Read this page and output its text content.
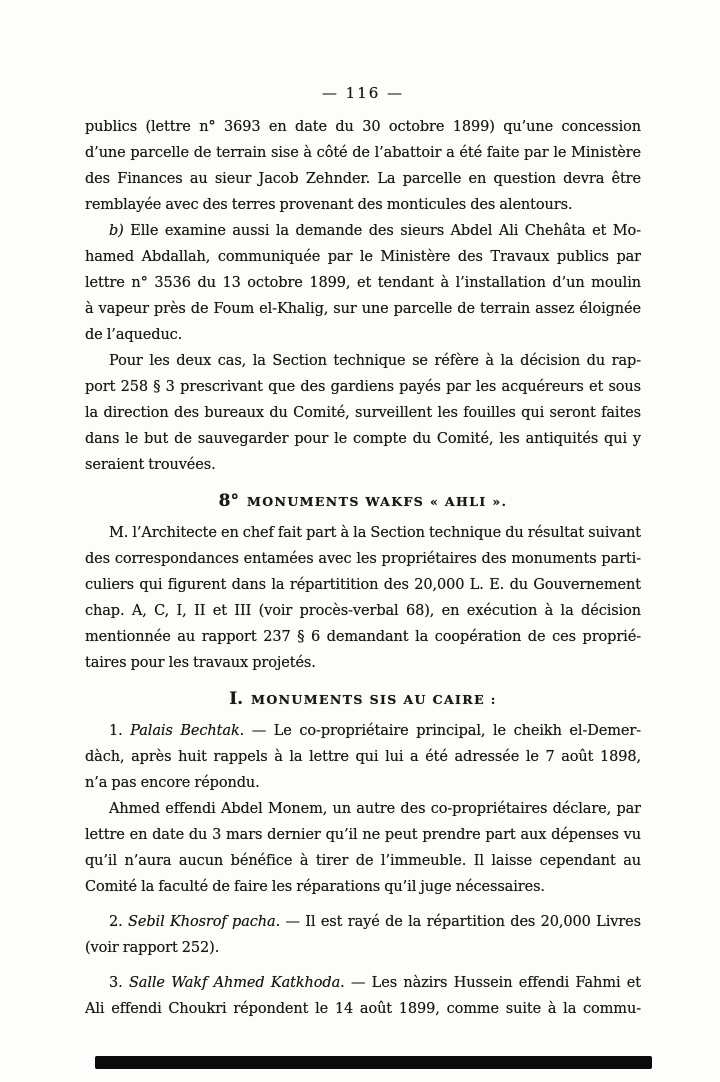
— 116 —
publics (lettre n° 3693 en date du 30 octobre 1899) qu’une concession
d’une parcelle de terrain sise à côté de l’abattoir a été faite par le Ministère
des Finances au sieur Jacob Zehnder. La parcelle en question devra être
remblayée avec des terres provenant des monticules des alentours.
b) Elle examine aussi la demande des sieurs Abdel Ali Chehâta et Mo-
hamed Abdallah, communiquée par le Ministère des Travaux publics par
lettre n° 3536 du 13 octobre 1899, et tendant à l’installation d’un moulin
à vapeur près de Foum el-Khalig, sur une parcelle de terrain assez éloignée
de l’aqueduc.
Pour les deux cas, la Section technique se réfère à la décision du rap-
port 258 § 3 prescrivant que des gardiens payés par les acquéreurs et sous
la direction des bureaux du Comité, surveillent les fouilles qui seront faites
dans le but de sauvegarder pour le compte du Comité, les antiquités qui y
seraient trouvées.
8° MONUMENTS WAKFS « AHLI ».
M. l’Architecte en chef fait part à la Section technique du résultat suivant
des correspondances entamées avec les propriétaires des monuments parti-
culiers qui figurent dans la répartitition des 20,000 L. E. du Gouvernement
chap. A, C, I, II et III (voir procès-verbal 68), en exécution à la décision
mentionnée au rapport 237 § 6 demandant la coopération de ces proprié-
taires pour les travaux projetés.
I. MONUMENTS SIS AU CAIRE :
1. Palais Bechtak. — Le co-propriétaire principal, le cheikh el-Demer-
dàch, après huit rappels à la lettre qui lui a été adressée le 7 août 1898,
n’a pas encore répondu.
Ahmed effendi Abdel Monem, un autre des co-propriétaires déclare, par
lettre en date du 3 mars dernier qu’il ne peut prendre part aux dépenses vu
qu’il n’aura aucun bénéfice à tirer de l’immeuble. Il laisse cependant au
Comité la faculté de faire les réparations qu’il juge nécessaires.
2. Sebil Khosrof pacha. — Il est rayé de la répartition des 20,000 Livres
(voir rapport 252).
3. Salle Wakf Ahmed Katkhoda. — Les nàzirs Hussein effendi Fahmi et
Ali effendi Choukri répondent le 14 août 1899, comme suite à la commu-
